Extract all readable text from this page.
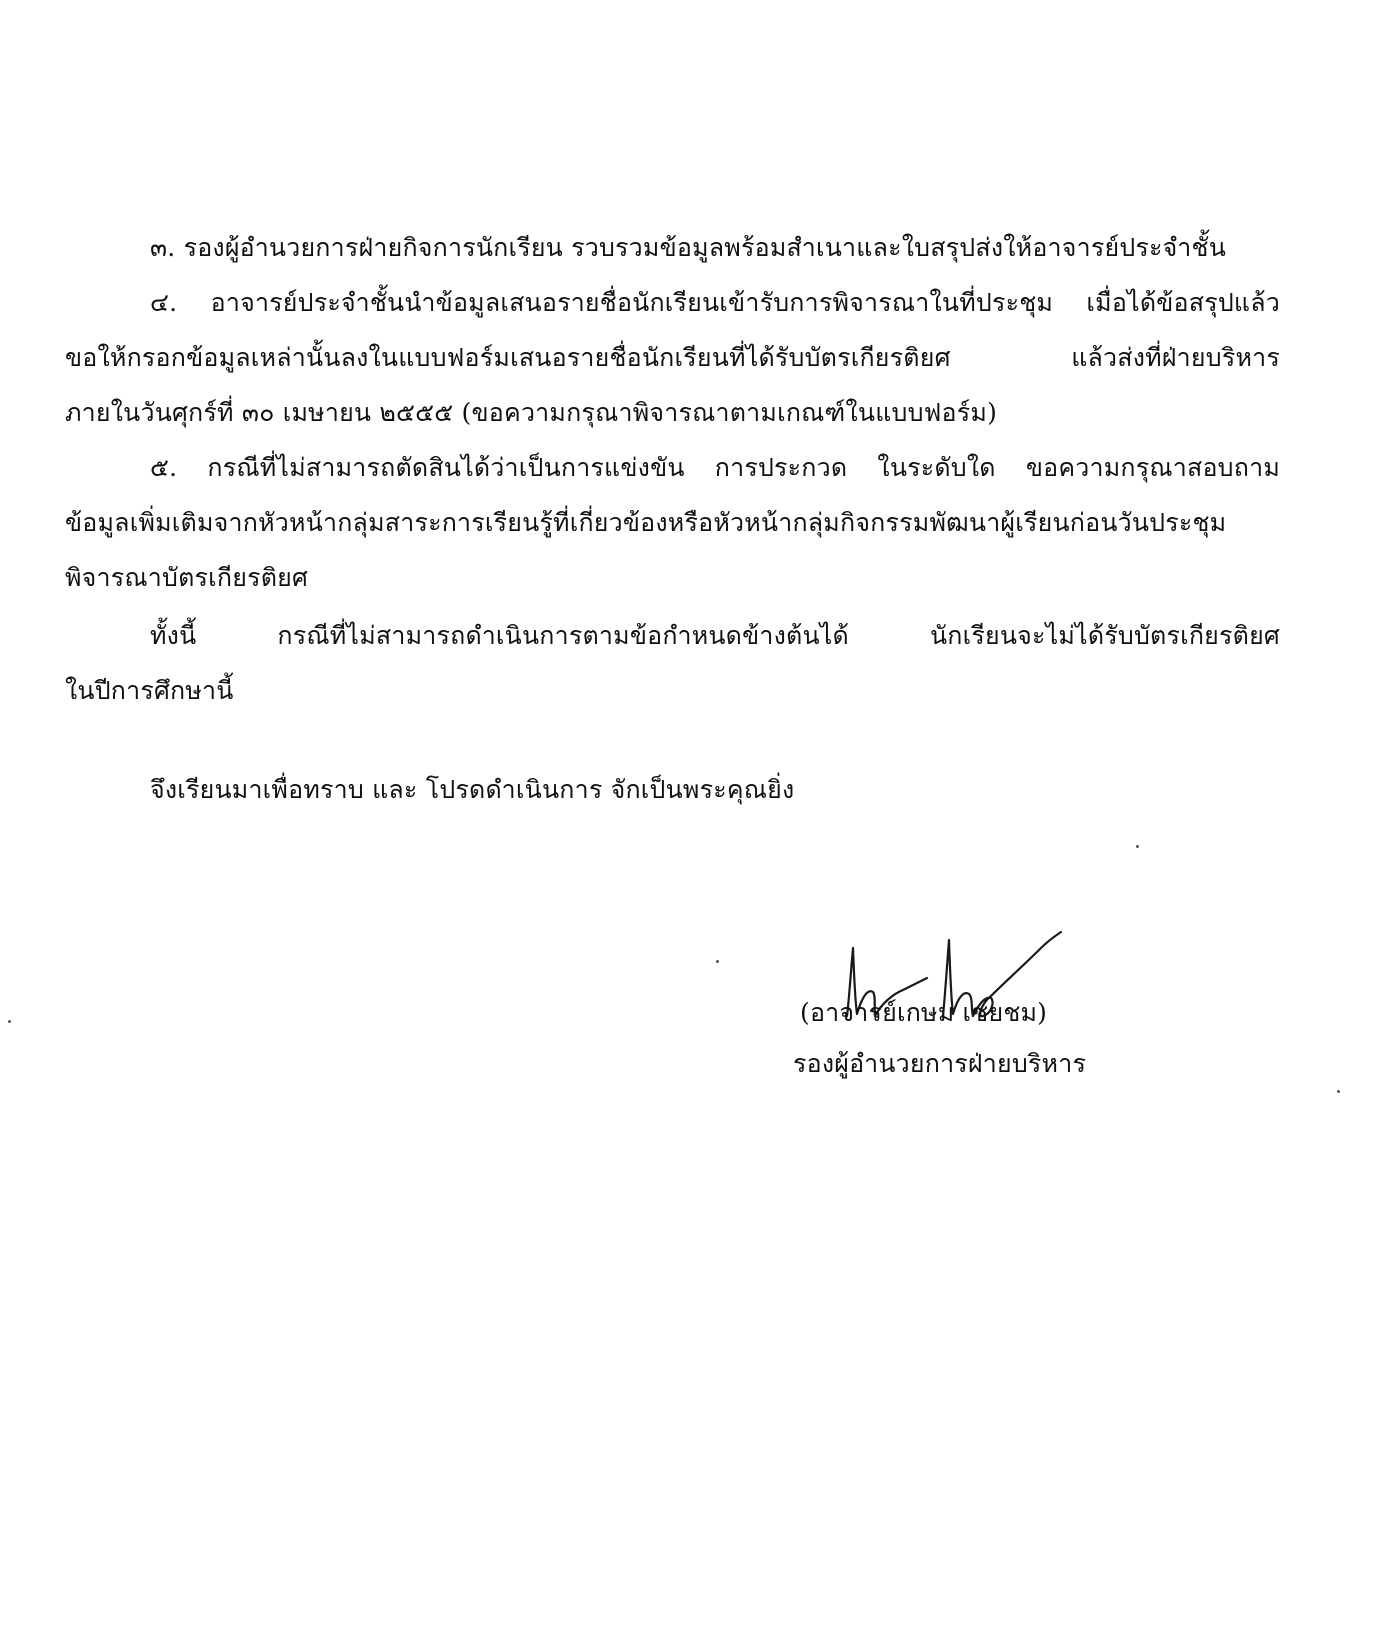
๓. รองผู้อำนวยการฝ่ายกิจการนักเรียน รวบรวมข้อมูลพร้อมสำเนาและใบสรุปส่งให้อาจารย์ประจำชั้น
๔. อาจารย์ประจำชั้นนำข้อมูลเสนอรายชื่อนักเรียนเข้ารับการพิจารณาในที่ประชุม เมื่อได้ข้อสรุปแล้ว
ขอให้กรอกข้อมูลเหล่านั้นลงในแบบฟอร์มเสนอรายชื่อนักเรียนที่ได้รับบัตรเกียรติยศ แล้วส่งที่ฝ่ายบริหาร
ภายในวันศุกร์ที่ ๓๐ เมษายน ๒๕๕๕ (ขอความกรุณาพิจารณาตามเกณฑ์ในแบบฟอร์ม)
๕. กรณีที่ไม่สามารถตัดสินได้ว่าเป็นการแข่งขัน การประกวด ในระดับใด ขอความกรุณาสอบถาม
ข้อมูลเพิ่มเติมจากหัวหน้ากลุ่มสาระการเรียนรู้ที่เกี่ยวข้องหรือหัวหน้ากลุ่มกิจกรรมพัฒนาผู้เรียนก่อนวันประชุม
พิจารณาบัตรเกียรติยศ
ทั้งนี้ กรณีที่ไม่สามารถดำเนินการตามข้อกำหนดข้างต้นได้ นักเรียนจะไม่ได้รับบัตรเกียรติยศ
ในปีการศึกษานี้
จึงเรียนมาเพื่อทราบ และ โปรดดำเนินการ จักเป็นพระคุณยิ่ง
(อาจารย์เกษม เชยชม)
รองผู้อำนวยการฝ่ายบริหาร
